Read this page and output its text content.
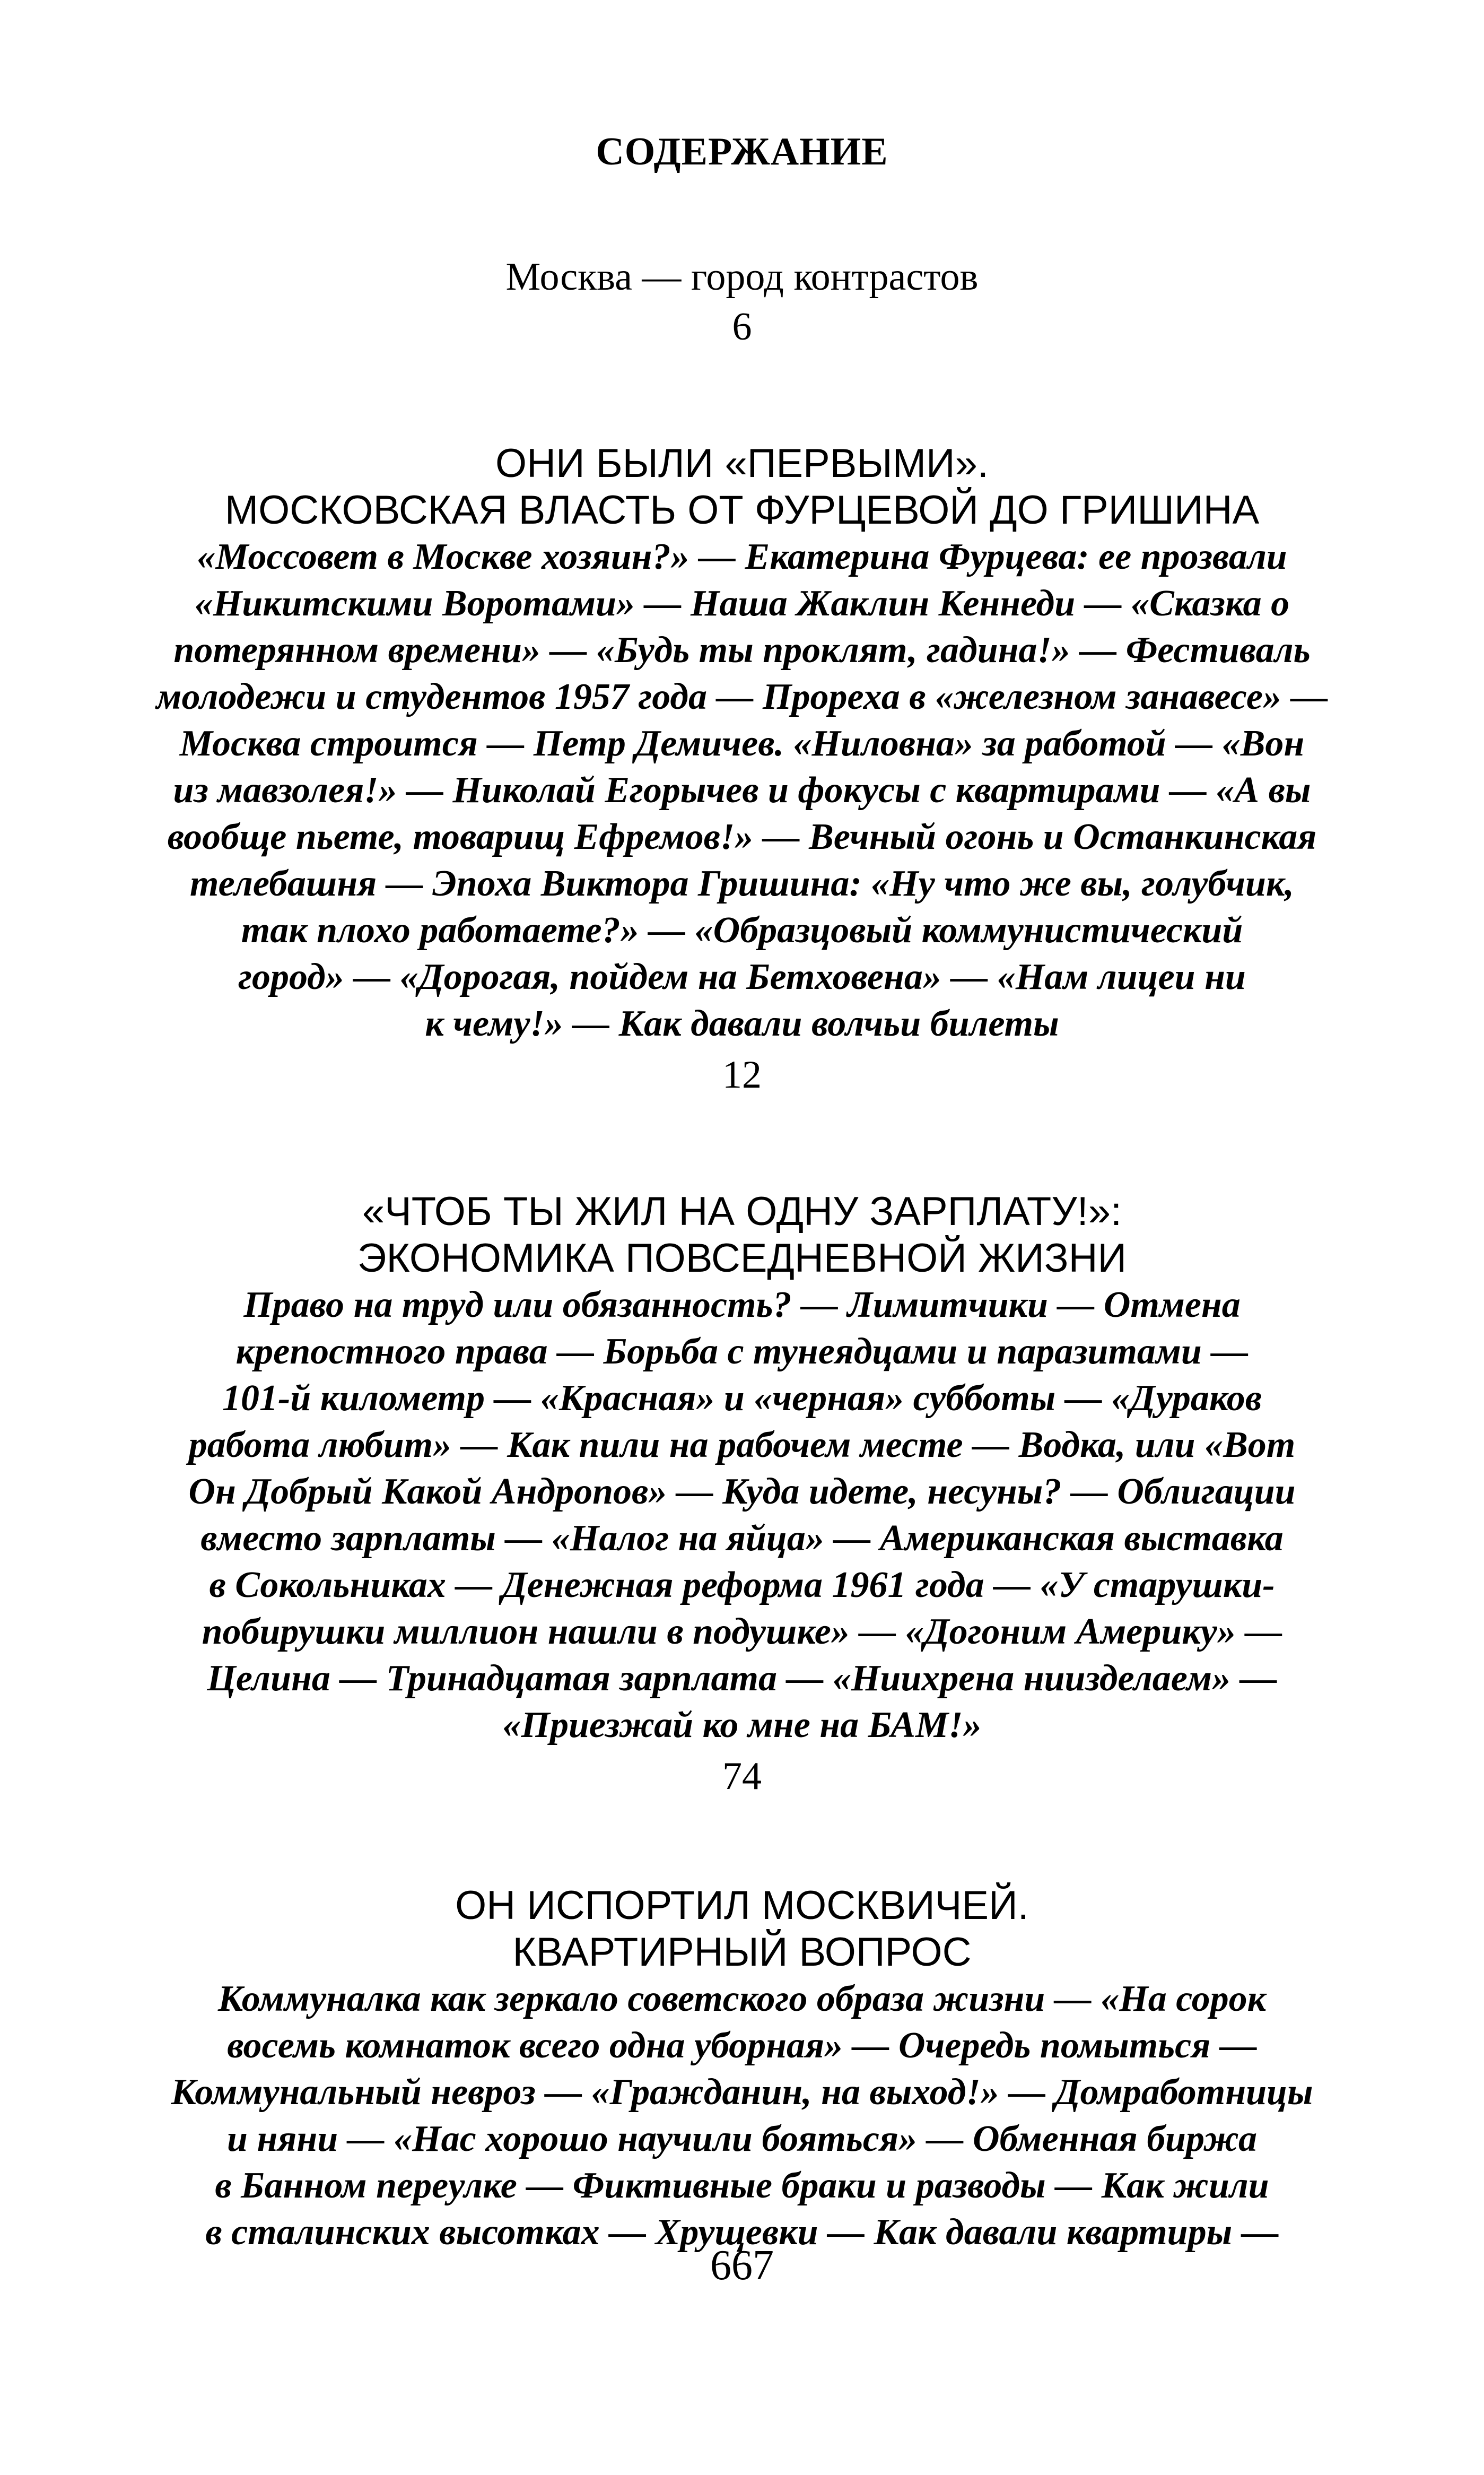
СОДЕРЖАНИЕ
Москва — город контрастов
6
ОНИ БЫЛИ «ПЕРВЫМИ».
МОСКОВСКАЯ ВЛАСТЬ ОТ ФУРЦЕВОЙ ДО ГРИШИНА
«Моссовет в Москве хозяин?» — Екатерина Фурцева: ее прозвали
«Никитскими Воротами» — Наша Жаклин Кеннеди — «Сказка о
потерянном времени» — «Будь ты проклят, гадина!» — Фестиваль
молодежи и студентов 1957 года — Прореха в «железном занавесе» —
Москва строится — Петр Демичев. «Ниловна» за работой — «Вон
из мавзолея!» — Николай Егорычев и фокусы с квартирами — «А вы
вообще пьете, товарищ Ефремов!» — Вечный огонь и Останкинская
телебашня — Эпоха Виктора Гришина: «Ну что же вы, голубчик,
так плохо работаете?» — «Образцовый коммунистический
город» — «Дорогая, пойдем на Бетховена» — «Нам лицеи ни
к чему!» — Как давали волчьи билеты
12
«ЧТОБ ТЫ ЖИЛ НА ОДНУ ЗАРПЛАТУ!»:
ЭКОНОМИКА ПОВСЕДНЕВНОЙ ЖИЗНИ
Право на труд или обязанность? — Лимитчики — Отмена
крепостного права — Борьба с тунеядцами и паразитами —
101-й километр — «Красная» и «черная» субботы — «Дураков
работа любит» — Как пили на рабочем месте — Водка, или «Вот
Он Добрый Какой Андропов» — Куда идете, несуны? — Облигации
вместо зарплаты — «Налог на яйца» — Американская выставка
в Сокольниках — Денежная реформа 1961 года — «У старушки-
побирушки миллион нашли в подушке» — «Догоним Америку» —
Целина — Тринадцатая зарплата — «Ниихрена ниизделаем» —
«Приезжай ко мне на БАМ!»
74
ОН ИСПОРТИЛ МОСКВИЧЕЙ.
КВАРТИРНЫЙ ВОПРОС
Коммуналка как зеркало советского образа жизни — «На сорок
восемь комнаток всего одна уборная» — Очередь помыться —
Коммунальный невроз — «Гражданин, на выход!» — Домработницы
и няни — «Нас хорошо научили бояться» — Обменная биржа
в Банном переулке — Фиктивные браки и разводы — Как жили
в сталинских высотках — Хрущевки — Как давали квартиры —
667
